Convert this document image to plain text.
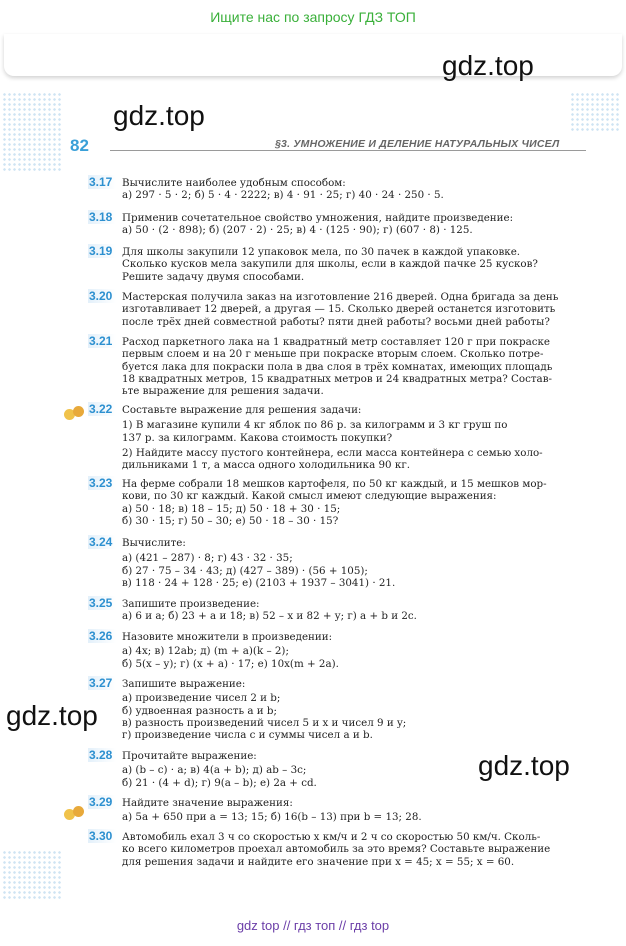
Ищите нас по запросу ГДЗ ТОП
gdz.top
gdz.top
82	§3. УМНОЖЕНИЕ И ДЕЛЕНИЕ НАТУРАЛЬНЫХ ЧИСЕЛ
3.17 Вычислите наиболее удобным способом:
а) 297 · 5 · 2; б) 5 · 4 · 2222; в) 4 · 91 · 25; г) 40 · 24 · 250 · 5.
3.18 Применив сочетательное свойство умножения, найдите произведение:
а) 50 · (2 · 898); б) (207 · 2) · 25; в) 4 · (125 · 90); г) (607 · 8) · 125.
3.19 Для школы закупили 12 упаковок мела, по 30 пачек в каждой упаковке.
Сколько кусков мела закупили для школы, если в каждой пачке 25 кусков?
Решите задачу двумя способами.
3.20 Мастерская получила заказ на изготовление 216 дверей. Одна бригада за день
изготавливает 12 дверей, а другая — 15. Сколько дверей останется изготовить
после трёх дней совместной работы? пяти дней работы? восьми дней работы?
3.21 Расход паркетного лака на 1 квадратный метр составляет 120 г при покраске
первым слоем и на 20 г меньше при покраске вторым слоем. Сколько потре-
буется лака для покраски пола в два слоя в трёх комнатах, имеющих площадь
18 квадратных метров, 15 квадратных метров и 24 квадратных метра? Состав-
ьте выражение для решения задачи.
3.22 Составьте выражение для решения задачи:
1) В магазине купили 4 кг яблок по 86 р. за килограмм и 3 кг груш по
137 р. за килограмм. Какова стоимость покупки?
2) Найдите массу пустого контейнера, если масса контейнера с семью холо-
дильниками 1 т, а масса одного холодильника 90 кг.
3.23 На ферме собрали 18 мешков картофеля, по 50 кг каждый, и 15 мешков мор-
кови, по 30 кг каждый. Какой смысл имеют следующие выражения:
а) 50 · 18; в) 18 – 15; д) 50 · 18 + 30 · 15;
б) 30 · 15; г) 50 – 30; е) 50 · 18 – 30 · 15?
3.24 Вычислите:
а) (421 – 287) · 8; г) 43 · 32 · 35;
б) 27 · 75 – 34 · 43; д) (427 – 389) · (56 + 105);
в) 118 · 24 + 128 · 25; е) (2103 + 1937 – 3041) · 21.
3.25 Запишите произведение:
а) 6 и a; б) 23 + a и 18; в) 52 – x и 82 + y; г) a + b и 2c.
3.26 Назовите множители в произведении:
а) 4x; в) 12ab; д) (m + a)(k – 2);
б) 5(x – y); г) (x + a) · 17; е) 10x(m + 2a).
3.27 Запишите выражение:
а) произведение чисел 2 и b;
б) удвоенная разность a и b;
в) разность произведений чисел 5 и x и чисел 9 и y;
г) произведение числа c и суммы чисел a и b.
3.28 Прочитайте выражение:
а) (b – c) · a; в) 4(a + b); д) ab – 3c;
б) 21 · (4 + d); г) 9(a – b); е) 2a + cd.
3.29 Найдите значение выражения:
а) 5a + 650 при a = 13; 15; б) 16(b – 13) при b = 13; 28.
3.30 Автомобиль ехал 3 ч со скоростью x км/ч и 2 ч со скоростью 50 км/ч. Сколь-
ко всего километров проехал автомобиль за это время? Составьте выражение
для решения задачи и найдите его значение при x = 45; x = 55; x = 60.
gdz.top
gdz.top
gdz top // гдз топ // гдз top
